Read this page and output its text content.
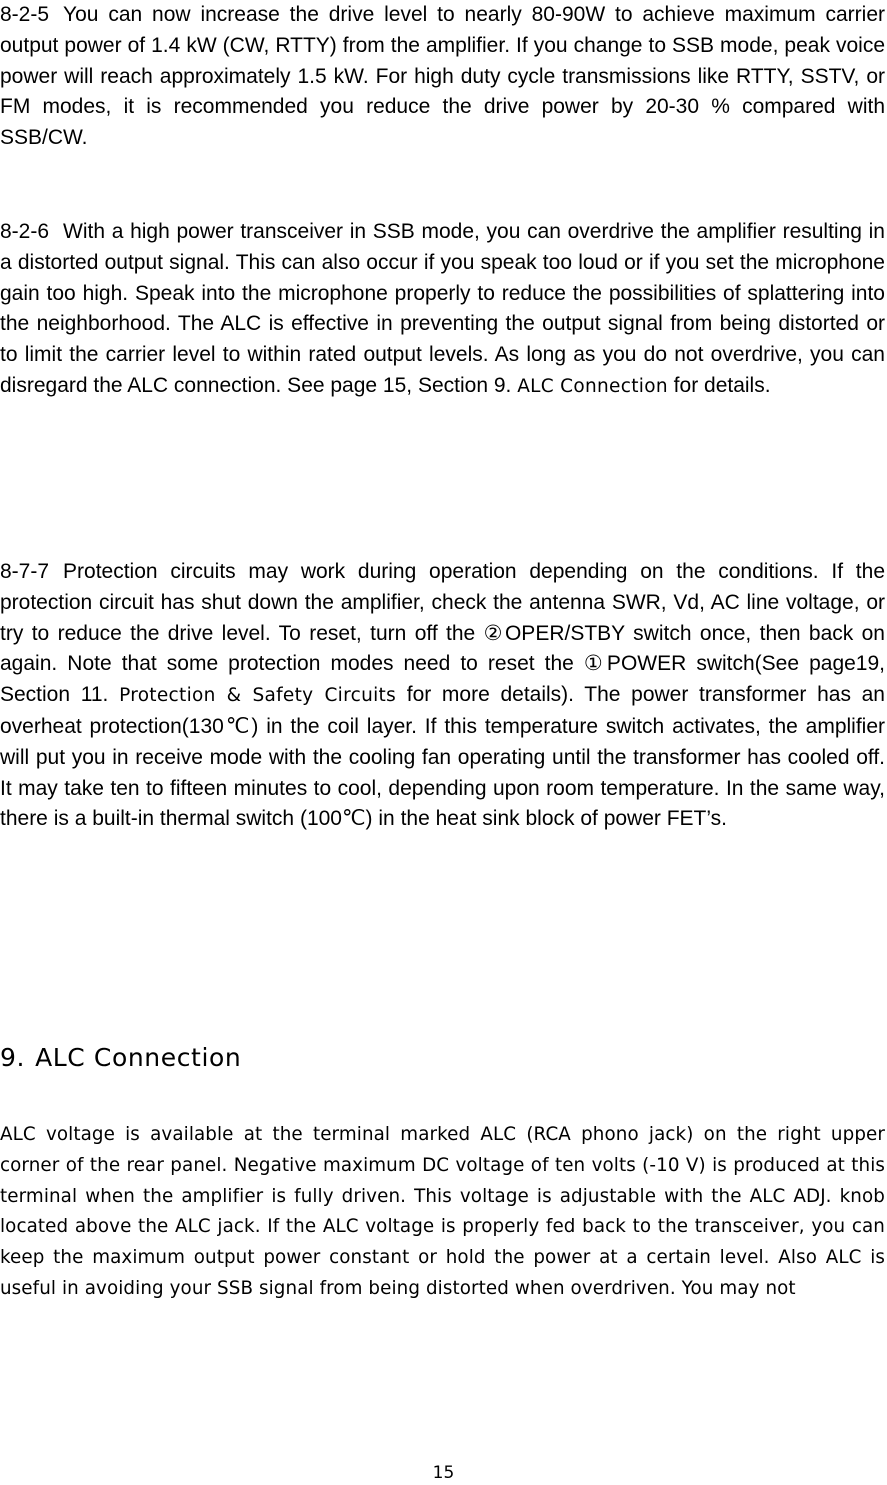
8-2-5 You can now increase the drive level to nearly 80-90W to achieve maximum carrier output power of 1.4 kW (CW, RTTY) from the amplifier. If you change to SSB mode, peak voice power will reach approximately 1.5 kW. For high duty cycle transmissions like RTTY, SSTV, or FM modes, it is recommended you reduce the drive power by 20-30 % compared with SSB/CW.

8-2-6 With a high power transceiver in SSB mode, you can overdrive the amplifier resulting in a distorted output signal. This can also occur if you speak too loud or if you set the microphone gain too high. Speak into the microphone properly to reduce the possibilities of splattering into the neighborhood. The ALC is effective in preventing the output signal from being distorted or to limit the carrier level to within rated output levels. As long as you do not overdrive, you can disregard the ALC connection. See page 15, Section 9. ALC Connection for details.

8-7-7 Protection circuits may work during operation depending on the conditions. If the protection circuit has shut down the amplifier, check the antenna SWR, Vd, AC line voltage, or try to reduce the drive level. To reset, turn off the ②OPER/STBY switch once, then back on again. Note that some protection modes need to reset the ①POWER switch(See page19, Section 11. Protection & Safety Circuits for more details). The power transformer has an overheat protection(130℃) in the coil layer. If this temperature switch activates, the amplifier will put you in receive mode with the cooling fan operating until the transformer has cooled off. It may take ten to fifteen minutes to cool, depending upon room temperature. In the same way, there is a built-in thermal switch (100℃) in the heat sink block of power FET’s.

9. ALC Connection

ALC voltage is available at the terminal marked ALC (RCA phono jack) on the right upper corner of the rear panel. Negative maximum DC voltage of ten volts (-10 V) is produced at this terminal when the amplifier is fully driven. This voltage is adjustable with the ALC ADJ. knob located above the ALC jack. If the ALC voltage is properly fed back to the transceiver, you can keep the maximum output power constant or hold the power at a certain level. Also ALC is useful in avoiding your SSB signal from being distorted when overdriven. You may not

15
